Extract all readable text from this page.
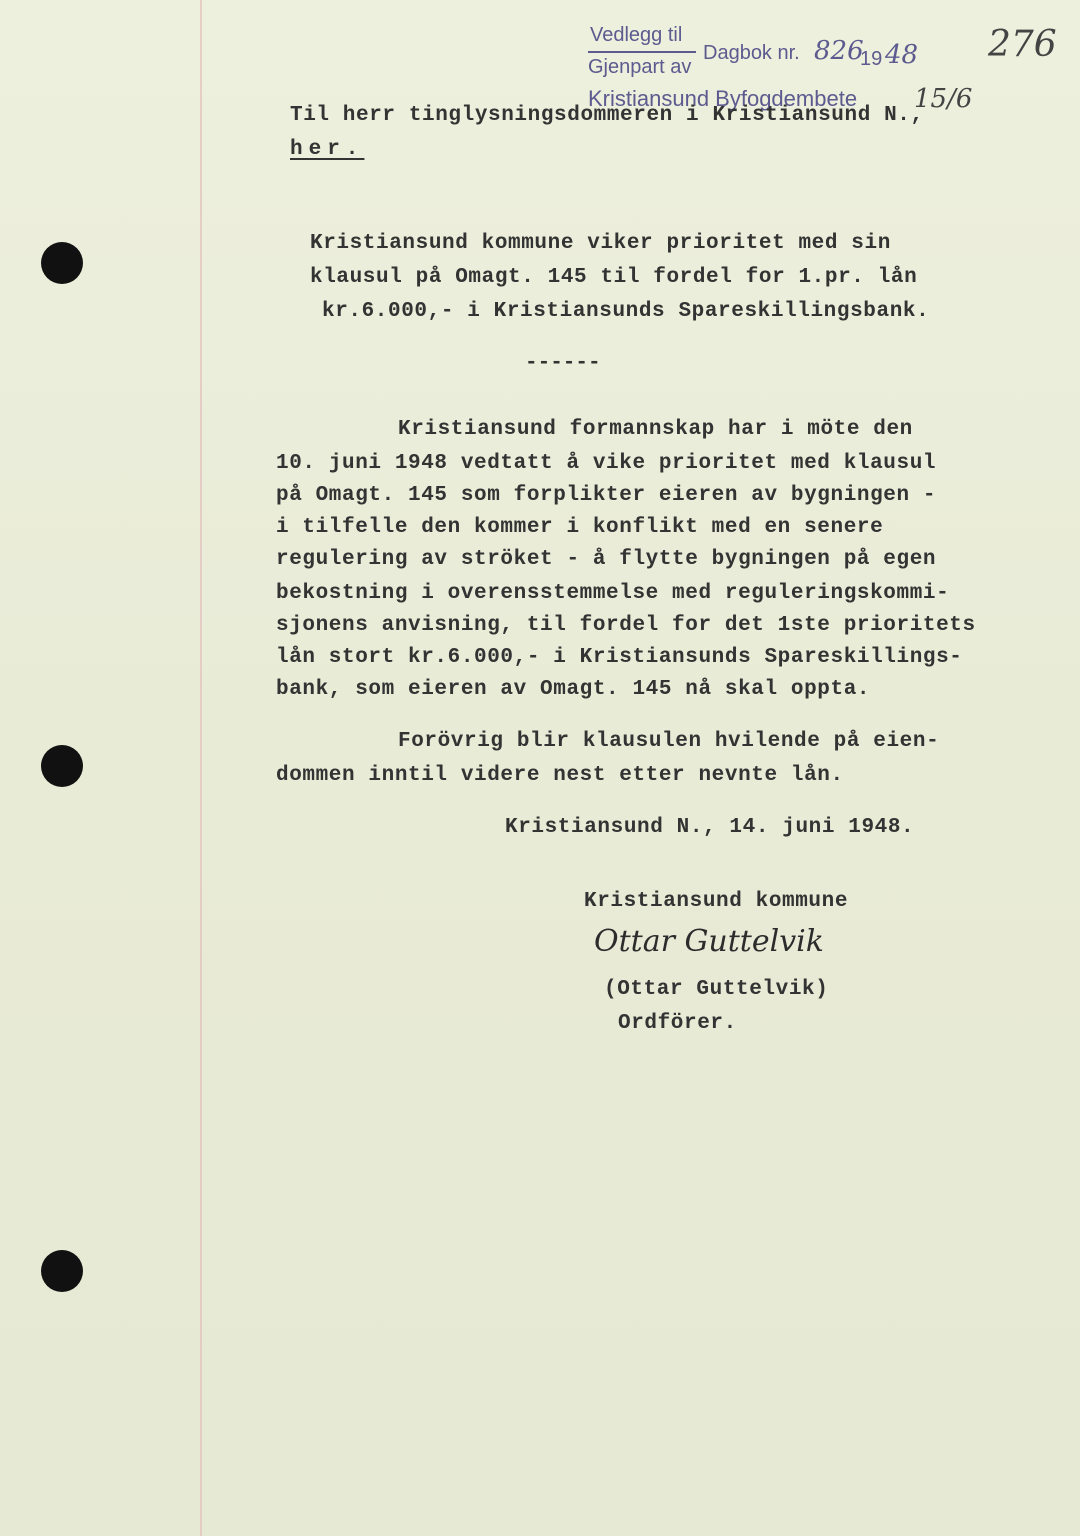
Vedlegg til
Gjenpart av
Dagbok nr. 826
19 48
Kristiansund Byfogdembete
276
15/6
Til herr tinglysningsdommeren i Kristiansund N.,
her.
Kristiansund kommune viker prioritet med sin
klausul på Omagt. 145 til fordel for 1.pr. lån
kr.6.000,- i Kristiansunds Spareskillingsbank.
------
Kristiansund formannskap har i möte den
10. juni 1948 vedtatt å vike prioritet med klausul
på Omagt. 145 som forplikter eieren av bygningen -
i tilfelle den kommer i konflikt med en senere
regulering av ströket - å flytte bygningen på egen
bekostning i overensstemmelse med reguleringskommi-
sjonens anvisning, til fordel for det 1ste prioritets
lån stort kr.6.000,- i Kristiansunds Spareskillings-
bank, som eieren av Omagt. 145 nå skal oppta.
Forövrig blir klausulen hvilende på eien-
dommen inntil videre nest etter nevnte lån.
Kristiansund N., 14. juni 1948.
Kristiansund kommune
Ottar Guttelvik
(Ottar Guttelvik)
Ordförer.
